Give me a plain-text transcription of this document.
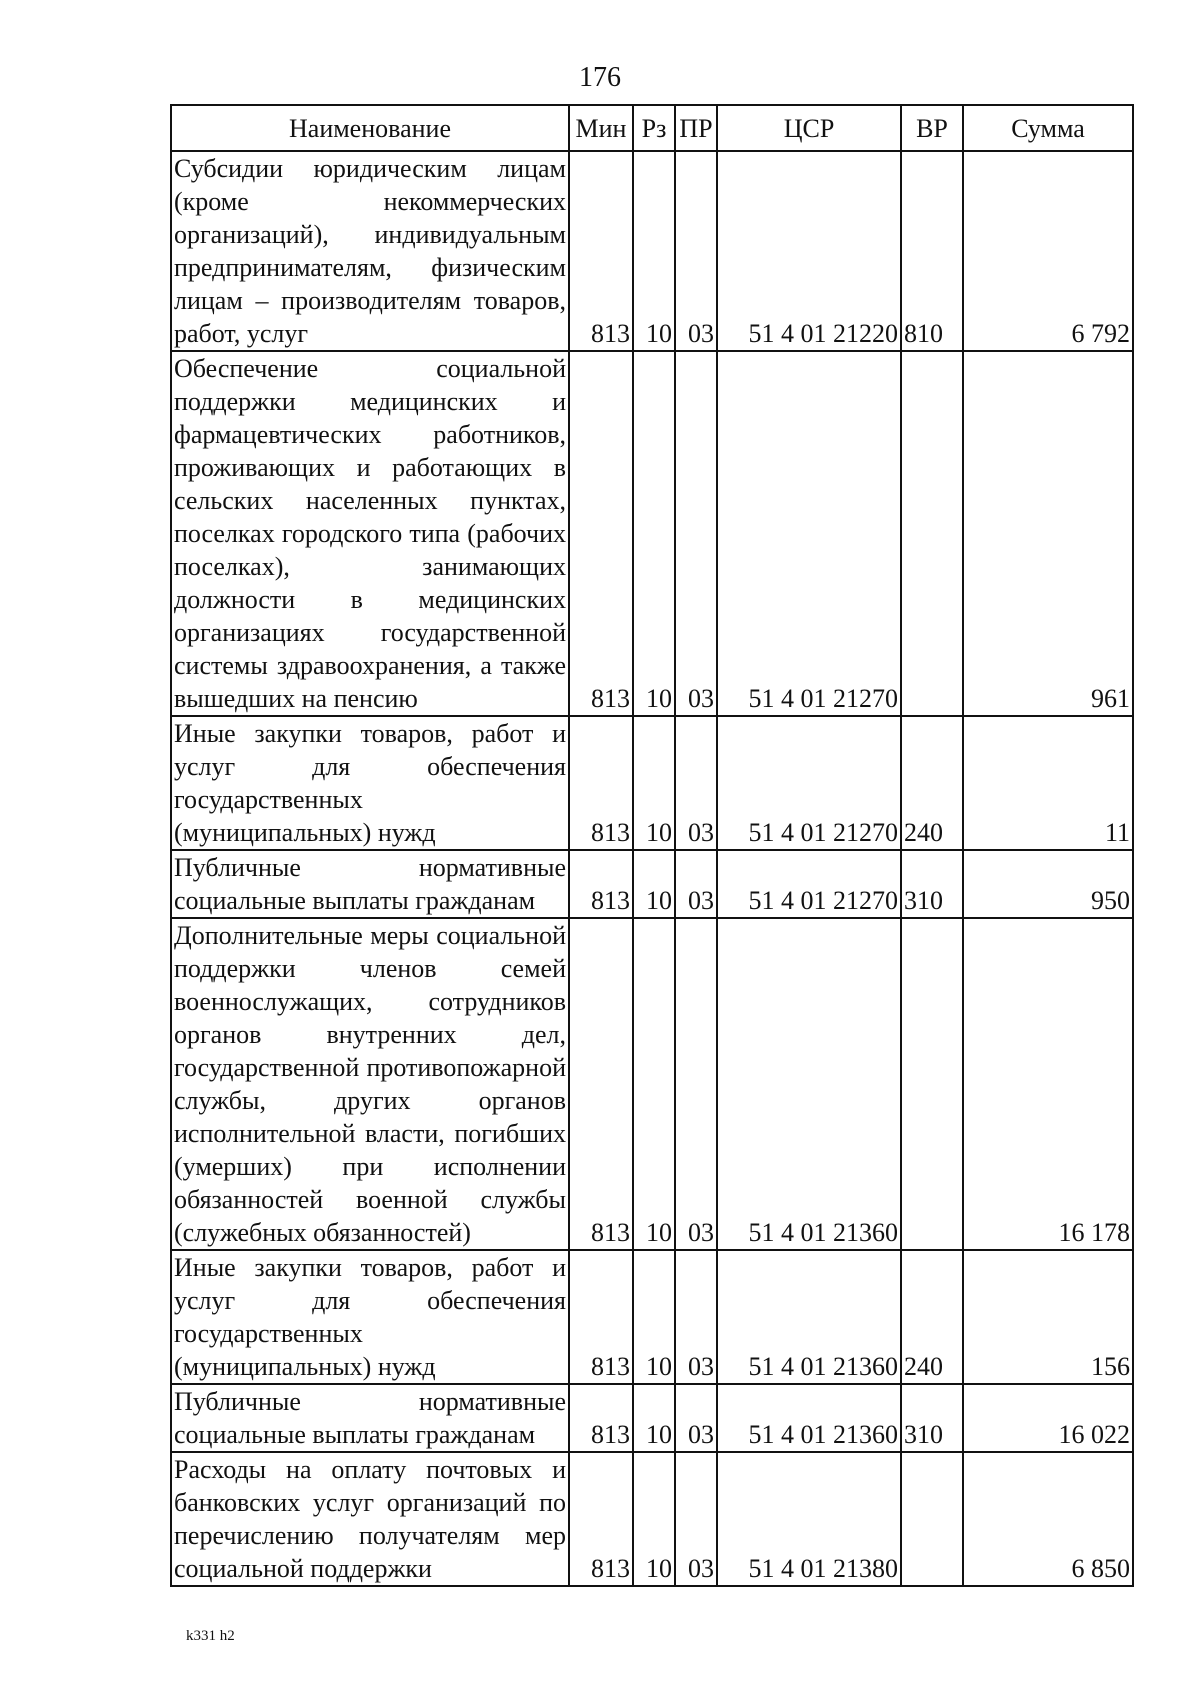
176
Наименование	Мин	Рз	ПР	ЦСР	ВР	Сумма
Субсидии юридическим лицам (кроме некоммерческих организаций), индивидуальным предпринимателям, физическим лицам – производителям товаров, работ, услуг	813	10	03	51 4 01 21220	810	6 792
Обеспечение социальной поддержки медицинских и фармацевтических работников, проживающих и работающих в сельских населенных пунктах, поселках городского типа (рабочих поселках), занимающих должности в медицинских организациях государственной системы здравоохранения, а также вышедших на пенсию	813	10	03	51 4 01 21270		961
Иные закупки товаров, работ и услуг для обеспечения государственных (муниципальных) нужд	813	10	03	51 4 01 21270	240	11
Публичные нормативные социальные выплаты гражданам	813	10	03	51 4 01 21270	310	950
Дополнительные меры социальной поддержки членов семей военнослужащих, сотрудников органов внутренних дел, государственной противопожарной службы, других органов исполнительной власти, погибших (умерших) при исполнении обязанностей военной службы (служебных обязанностей)	813	10	03	51 4 01 21360		16 178
Иные закупки товаров, работ и услуг для обеспечения государственных (муниципальных) нужд	813	10	03	51 4 01 21360	240	156
Публичные нормативные социальные выплаты гражданам	813	10	03	51 4 01 21360	310	16 022
Расходы на оплату почтовых и банковских услуг организаций по перечислению получателям мер социальной поддержки	813	10	03	51 4 01 21380		6 850
k331 h2
